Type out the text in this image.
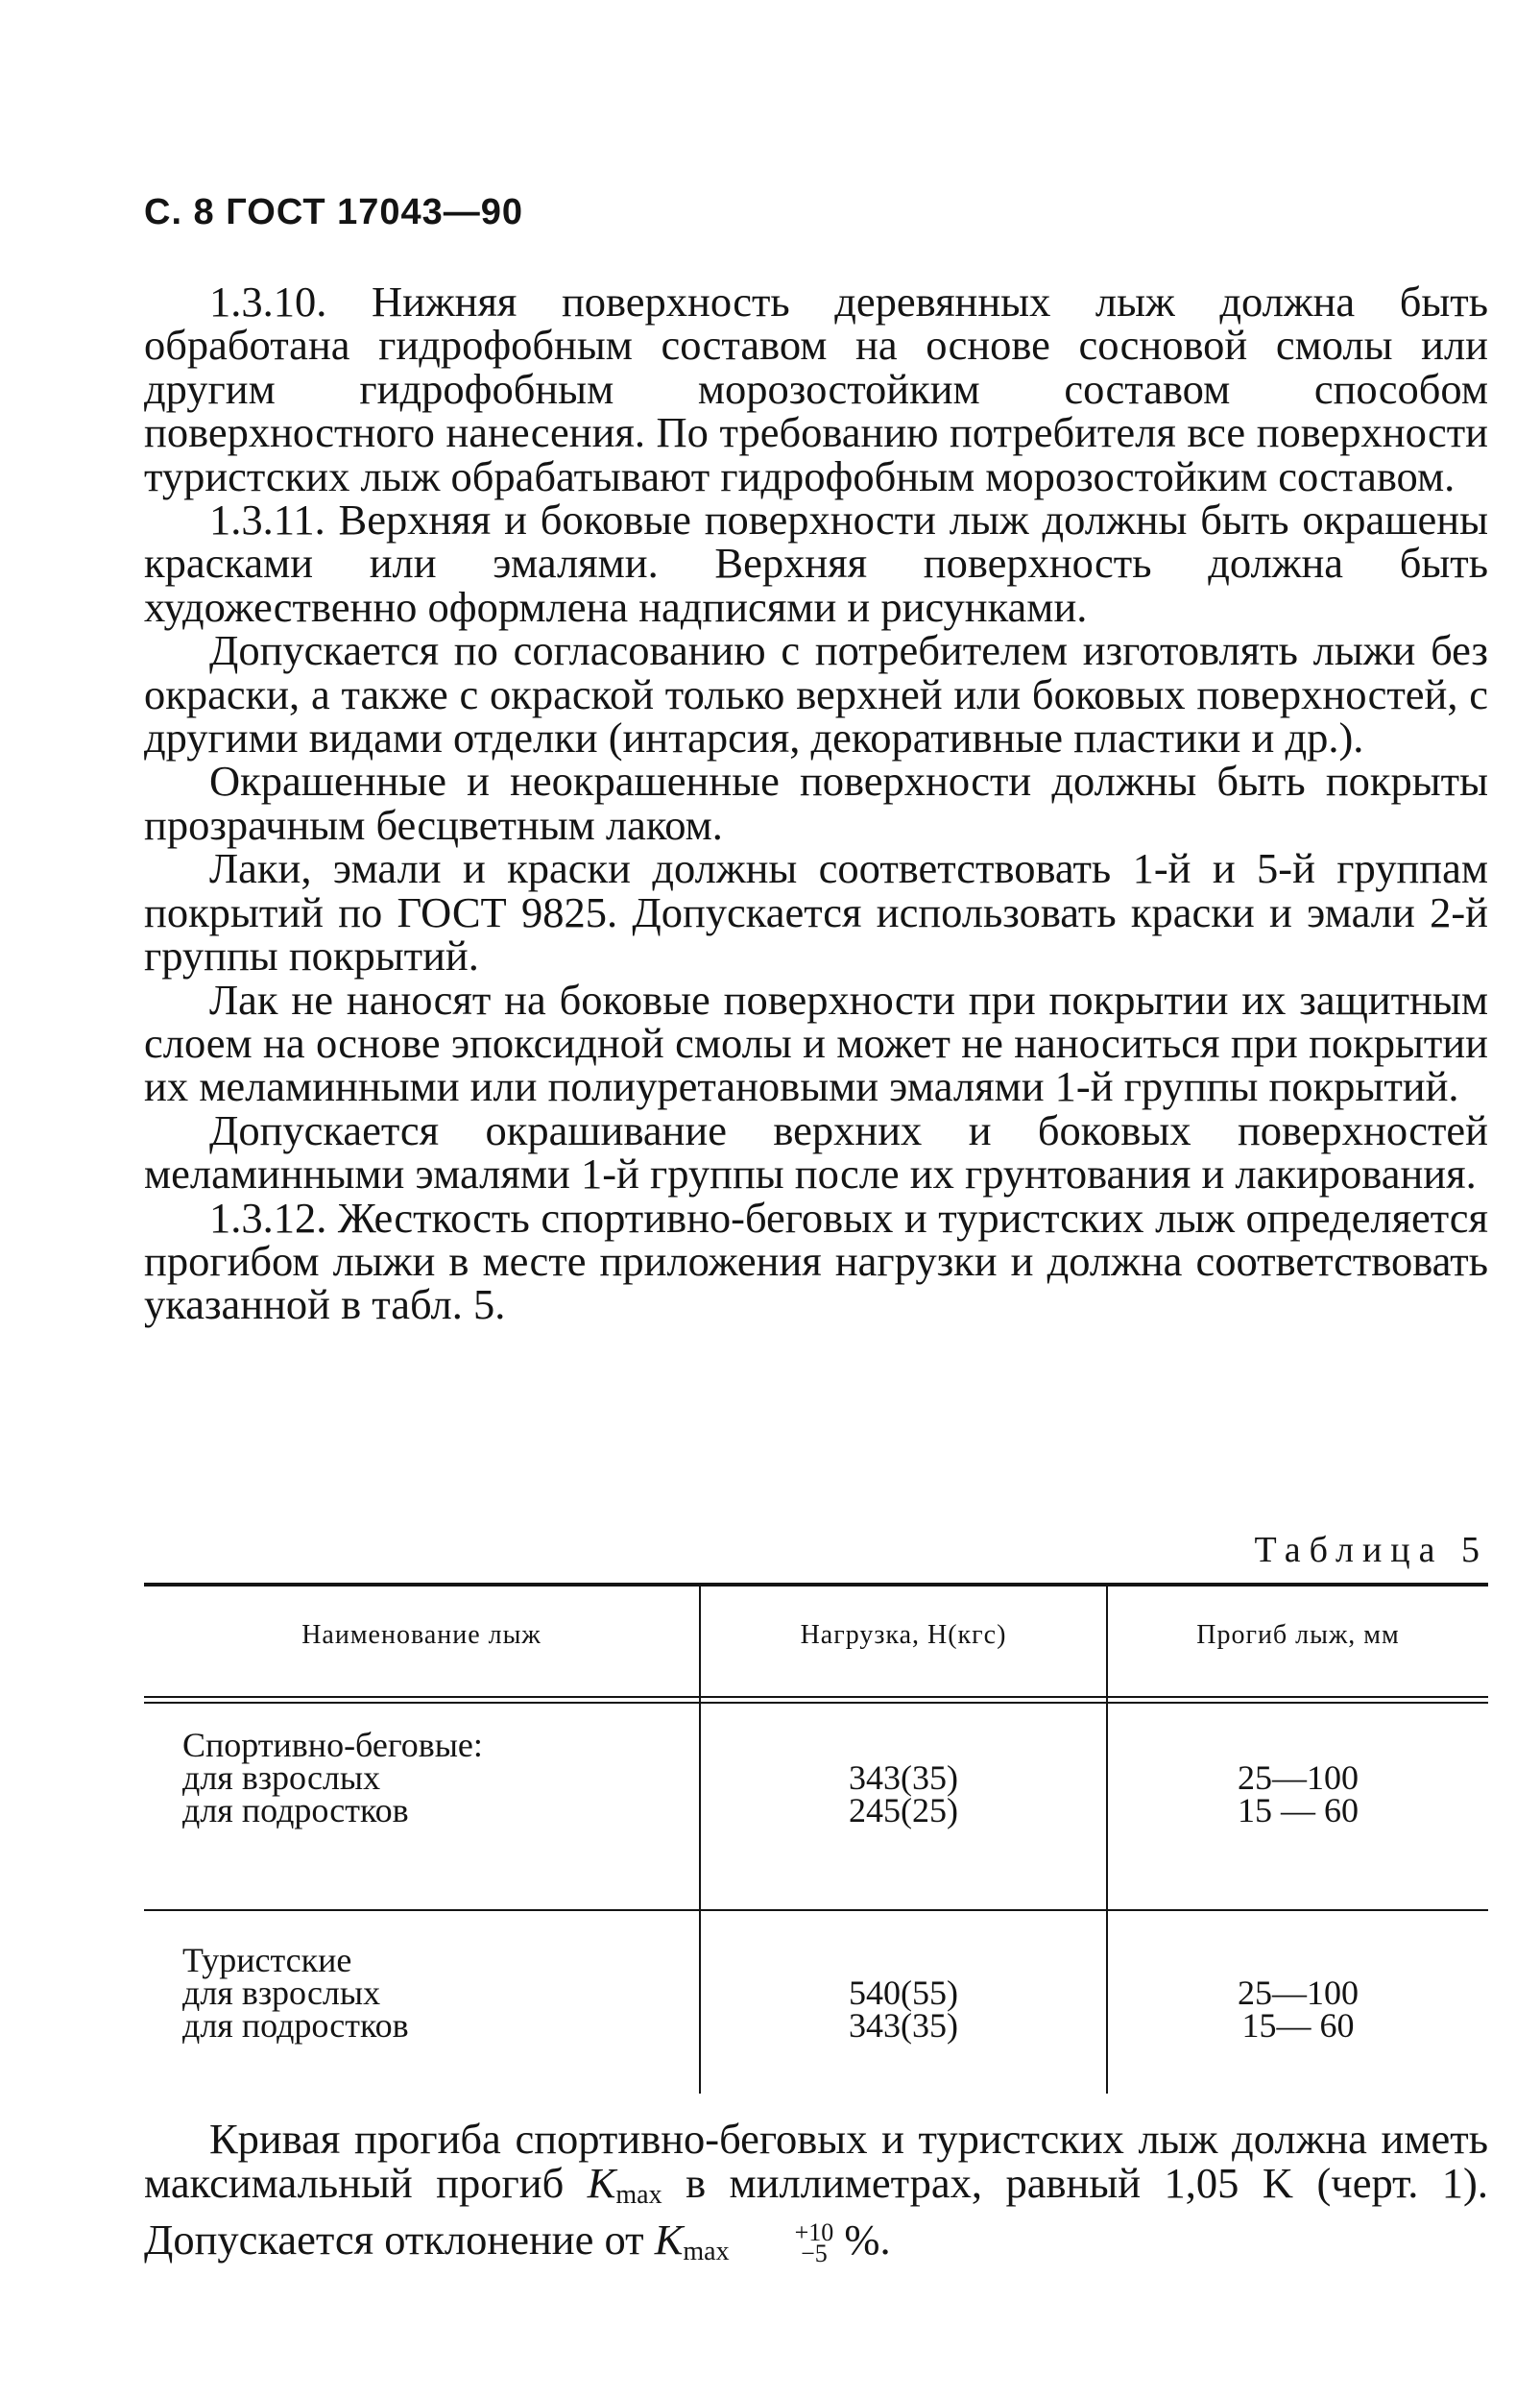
С. 8 ГОСТ 17043—90

1.3.10. Нижняя поверхность деревянных лыж должна быть обработана гидрофобным составом на основе сосновой смолы или другим гидрофобным морозостойким составом способом поверхностного нанесения. По требованию потребителя все поверхности туристских лыж обрабатывают гидрофобным морозостойким составом.

1.3.11. Верхняя и боковые поверхности лыж должны быть окрашены красками или эмалями. Верхняя поверхность должна быть художественно оформлена надписями и рисунками.

Допускается по согласованию с потребителем изготовлять лыжи без окраски, а также с окраской только верхней или боковых поверхностей, с другими видами отделки (интарсия, декоративные пластики и др.).

Окрашенные и неокрашенные поверхности должны быть покрыты прозрачным бесцветным лаком.

Лаки, эмали и краски должны соответствовать 1-й и 5-й группам покрытий по ГОСТ 9825. Допускается использовать краски и эмали 2-й группы покрытий.

Лак не наносят на боковые поверхности при покрытии их защитным слоем на основе эпоксидной смолы и может не наноситься при покрытии их меламинными или полиуретановыми эмалями 1-й группы покрытий.

Допускается окрашивание верхних и боковых поверхностей меламинными эмалями 1-й группы после их грунтования и лакирования.

1.3.12. Жесткость спортивно-беговых и туристских лыж определяется прогибом лыжи в месте приложения нагрузки и должна соответствовать указанной в табл. 5.

Таблица 5
Наименование лыж	Нагрузка, Н(кгс)	Прогиб лыж, мм
Спортивно-беговые:
для взрослых
для подростков

343(35)
245(25)

25—100
15 — 60
Туристские
для взрослых
для подростков

540(55)
343(35)

25—100
15— 60

Кривая прогиба спортивно-беговых и туристских лыж должна иметь максимальный прогиб Kmax в миллиметрах, равный 1,05 K (черт. 1). Допускается отклонение от Kmax
+10
−5 %.
